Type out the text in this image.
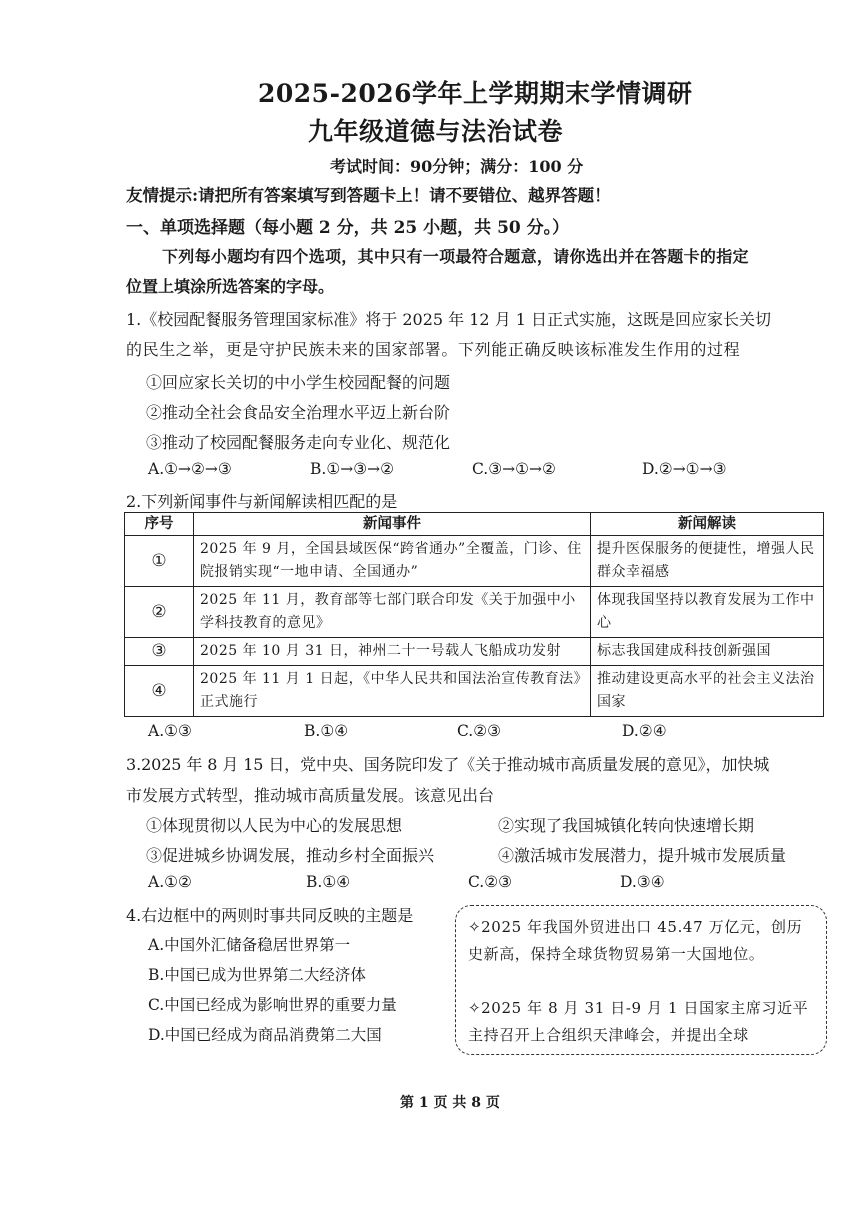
2025-2026学年上学期期末学情调研
九年级道德与法治试卷
考试时间：90分钟；满分：100 分
友情提示:请把所有答案填写到答题卡上！请不要错位、越界答题！
一、单项选择题（每小题 2 分，共 25 小题，共 50 分。）
下列每小题均有四个选项，其中只有一项最符合题意，请你选出并在答题卡的指定
位置上填涂所选答案的字母。
1.《校园配餐服务管理国家标准》将于 2025 年 12 月 1 日正式实施，这既是回应家长关切
的民生之举，更是守护民族未来的国家部署。下列能正确反映该标准发生作用的过程
①回应家长关切的中小学生校园配餐的问题
②推动全社会食品安全治理水平迈上新台阶
③推动了校园配餐服务走向专业化、规范化
A.①→②→③	B.①→③→②	C.③→①→②	D.②→①→③
2.下列新闻事件与新闻解读相匹配的是
序号	新闻事件	新闻解读
①	2025 年 9 月，全国县域医保“跨省通办”全覆盖，门诊、住院报销实现“一地申请、全国通办”	提升医保服务的便捷性，增强人民群众幸福感
②	2025 年 11 月，教育部等七部门联合印发《关于加强中小学科技教育的意见》	体现我国坚持以教育发展为工作中心
③	2025 年 10 月 31 日，神州二十一号载人飞船成功发射	标志我国建成科技创新强国
④	2025 年 11 月 1 日起，《中华人民共和国法治宣传教育法》正式施行	推动建设更高水平的社会主义法治国家
A.①③	B.①④	C.②③	D.②④
3.2025 年 8 月 15 日，党中央、国务院印发了《关于推动城市高质量发展的意见》，加快城
市发展方式转型，推动城市高质量发展。该意见出台
①体现贯彻以人民为中心的发展思想	②实现了我国城镇化转向快速增长期
③促进城乡协调发展，推动乡村全面振兴	④激活城市发展潜力，提升城市发展质量
A.①②	B.①④	C.②③	D.③④
4.右边框中的两则时事共同反映的主题是
A.中国外汇储备稳居世界第一
B.中国已成为世界第二大经济体
C.中国已经成为影响世界的重要力量
D.中国已经成为商品消费第二大国

✧2025 年我国外贸进出口 45.47 万亿元，创历史新高，保持全球货物贸易第一大国地位。

✧2025 年 8 月 31 日-9 月 1 日国家主席习近平主持召开上合组织天津峰会，并提出全球

第 1 页 共 8 页
